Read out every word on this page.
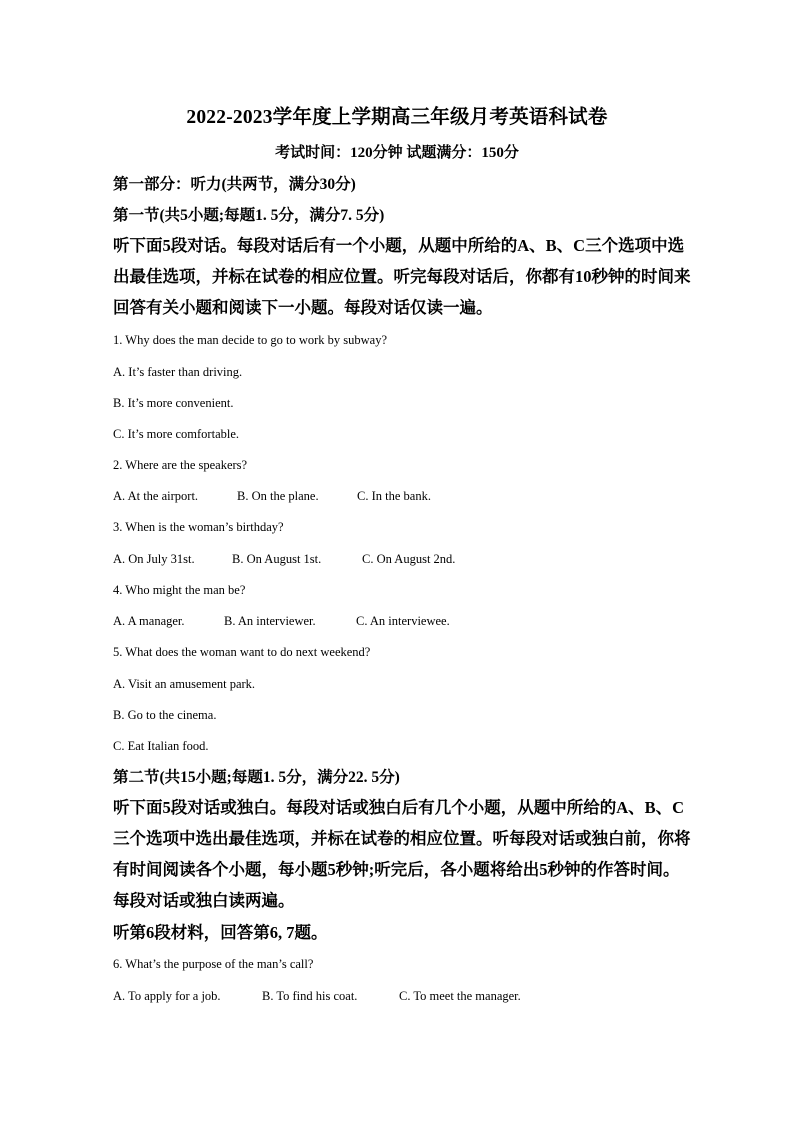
2022-2023学年度上学期高三年级月考英语科试卷
考试时间：120分钟 试题满分：150分
第一部分：听力(共两节，满分30分)
第一节(共5小题;每题1. 5分，满分7. 5分)
听下面5段对话。每段对话后有一个小题，从题中所给的A、B、C三个选项中选
出最佳选项，并标在试卷的相应位置。听完每段对话后，你都有10秒钟的时间来
回答有关小题和阅读下一小题。每段对话仅读一遍。
1. Why does the man decide to go to work by subway?
A. It’s faster than driving.
B. It’s more convenient.
C. It’s more comfortable.
2. Where are the speakers?
A. At the airport.	B. On the plane.	C. In the bank.
3. When is the woman’s birthday?
A. On July 31st.	B. On August 1st.	C. On August 2nd.
4. Who might the man be?
A. A manager.	B. An interviewer.	C. An interviewee.
5. What does the woman want to do next weekend?
A. Visit an amusement park.
B. Go to the cinema.
C. Eat Italian food.
第二节(共15小题;每题1. 5分，满分22. 5分)
听下面5段对话或独白。每段对话或独白后有几个小题，从题中所给的A、B、C
三个选项中选出最佳选项，并标在试卷的相应位置。听每段对话或独白前，你将
有时间阅读各个小题，每小题5秒钟;听完后，各小题将给出5秒钟的作答时间。
每段对话或独白读两遍。
听第6段材料，回答第6, 7题。
6. What’s the purpose of the man’s call?
A. To apply for a job.	B. To find his coat.	C. To meet the manager.
